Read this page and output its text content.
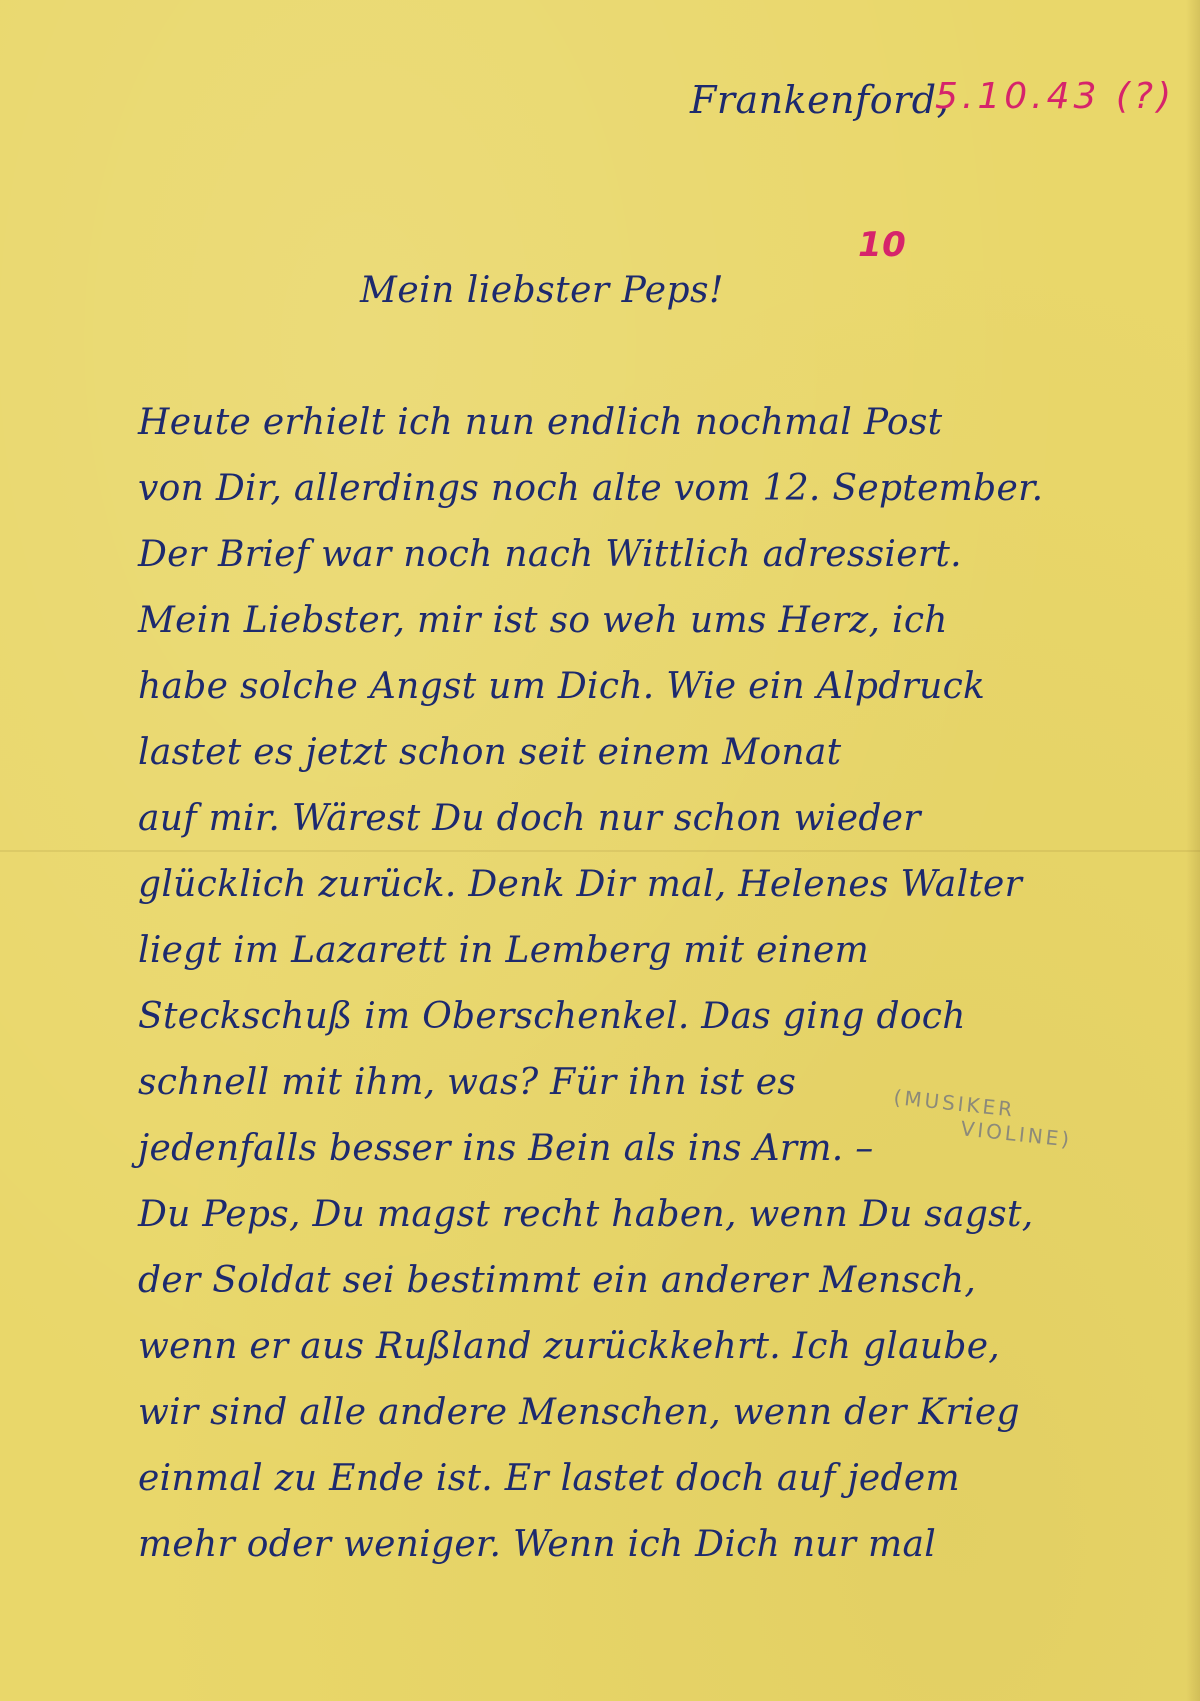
Frankenford,
5.10.43 (?)
10
Mein liebster Peps!
Heute erhielt ich nun endlich nochmal Post
von Dir, allerdings noch alte vom 12. September.
Der Brief war noch nach Wittlich adressiert.
Mein Liebster, mir ist so weh ums Herz, ich
habe solche Angst um Dich. Wie ein Alpdruck
lastet es jetzt schon seit einem Monat
auf mir. Wärest Du doch nur schon wieder
glücklich zurück. Denk Dir mal, Helenes Walter
liegt im Lazarett in Lemberg mit einem
Steckschuß im Oberschenkel. Das ging doch
schnell mit ihm, was? Für ihn ist es
jedenfalls besser ins Bein als ins Arm. –
Du Peps, Du magst recht haben, wenn Du sagst,
der Soldat sei bestimmt ein anderer Mensch,
wenn er aus Rußland zurückkehrt. Ich glaube,
wir sind alle andere Menschen, wenn der Krieg
einmal zu Ende ist. Er lastet doch auf jedem
mehr oder weniger. Wenn ich Dich nur mal
(MUSIKER
VIOLINE)
